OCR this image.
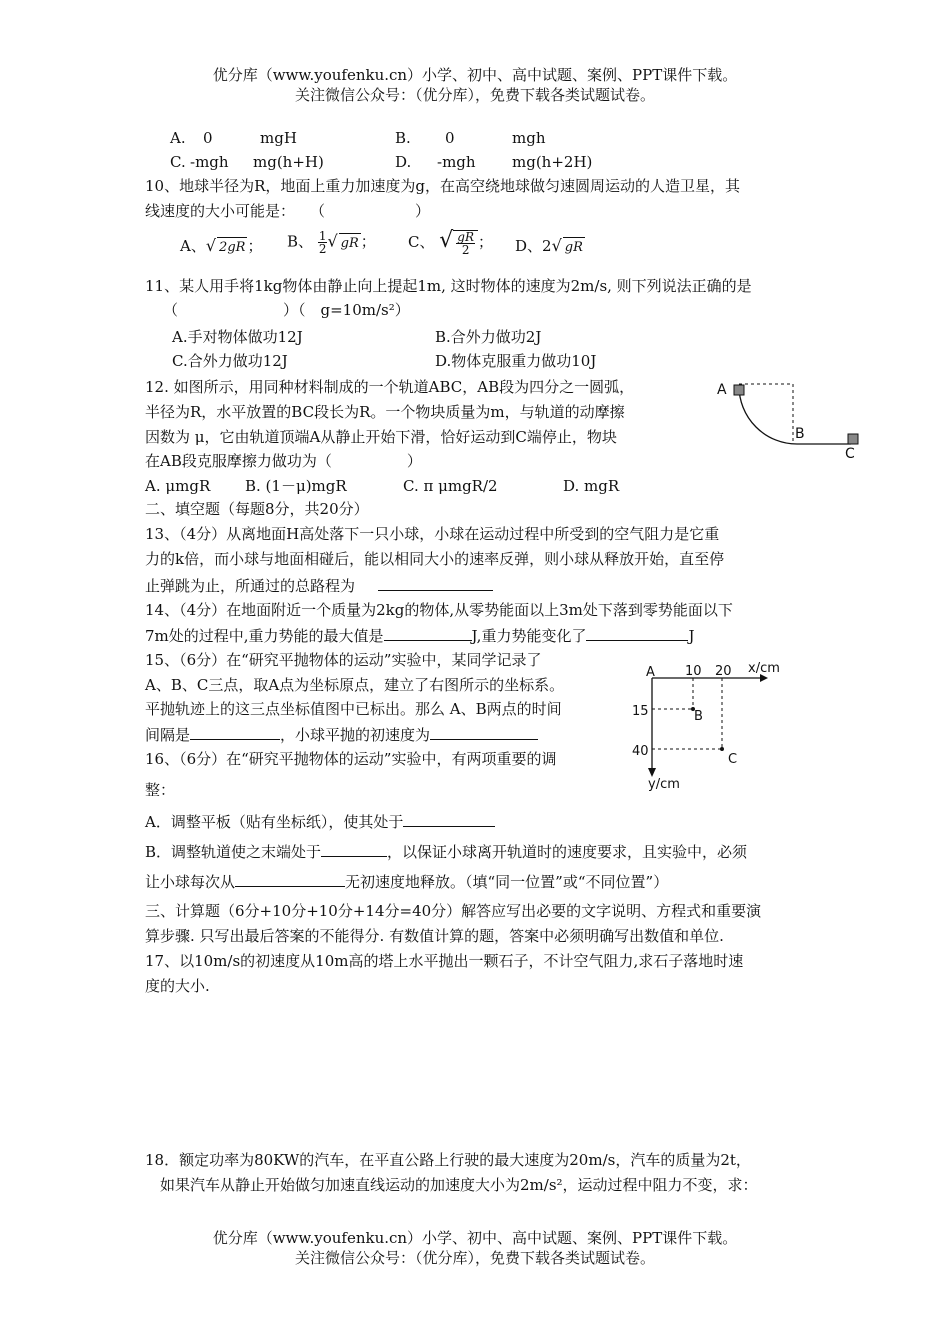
优分库（www.youfenku.cn）小学、初中、高中试题、案例、PPT课件下载。
关注微信公众号：（优分库），免费下载各类试题试卷。
A. 0	mgH	B. 0	mgh
C. -mgh mg(h+H)	D. -mgh mg(h+2H)
10、地球半径为R，地面上重力加速度为g，在高空绕地球做匀速圆周运动的人造卫星，其
线速度的大小可能是：　　（　　　　　　）
A、√ 2gR ； B、 $\frac{1}{2}$ √ gR ； C、 √ $\frac{gR}{2}$ ； D、2√ gR
11、某人用手将1kg物体由静止向上提起1m, 这时物体的速度为2m/s, 则下列说法正确的是
（　　　　　　　）（　g=10m/s²）
A.手对物体做功12J	B.合外力做功2J
C.合外力做功12J	D.物体克服重力做功10J
12. 如图所示，用同种材料制成的一个轨道ABC，AB段为四分之一圆弧，
半径为R，水平放置的BC段长为R。一个物块质量为m，与轨道的动摩擦
因数为 μ，它由轨道顶端A从静止开始下滑，恰好运动到C端停止，物块
在AB段克服摩擦力做功为（　　　　　）
A. μmgR B. (1－μ)mgR	C. π μmgR/2	D. mgR
A
B
C
二、填空题（每题8分，共20分）
13、（4分）从离地面H高处落下一只小球，小球在运动过程中所受到的空气阻力是它重
力的k倍，而小球与地面相碰后，能以相同大小的速率反弹，则小球从释放开始，直至停
止弹跳为止，所通过的总路程为
14、（4分）在地面附近一个质量为2kg的物体,从零势能面以上3m处下落到零势能面以下
7m处的过程中,重力势能的最大值是	J,重力势能变化了	J
15、（6分）在“研究平抛物体的运动”实验中，某同学记录了
A、B、C三点，取A点为坐标原点，建立了右图所示的坐标系。
平抛轨迹上的这三点坐标值图中已标出。那么 A、B两点的时间
间隔是	，小球平抛的初速度为
A 10 20 x/cm
15
40
B
C
y/cm
16、（6分）在“研究平抛物体的运动”实验中，有两项重要的调
整：
A．调整平板（贴有坐标纸），使其处于
B．调整轨道使之末端处于	，以保证小球离开轨道时的速度要求，且实验中，必须
让小球每次从	无初速度地释放。（填“同一位置”或“不同位置”）
三、计算题（6分+10分+10分+14分=40分）解答应写出必要的文字说明、方程式和重要演
算步骤. 只写出最后答案的不能得分. 有数值计算的题，答案中必须明确写出数值和单位.
17、以10m/s的初速度从10m高的塔上水平抛出一颗石子，不计空气阻力,求石子落地时速
度的大小.
18．额定功率为80KW的汽车，在平直公路上行驶的最大速度为20m/s，汽车的质量为2t，
如果汽车从静止开始做匀加速直线运动的加速度大小为2m/s²，运动过程中阻力不变，求：
优分库（www.youfenku.cn）小学、初中、高中试题、案例、PPT课件下载。
关注微信公众号：（优分库），免费下载各类试题试卷。
